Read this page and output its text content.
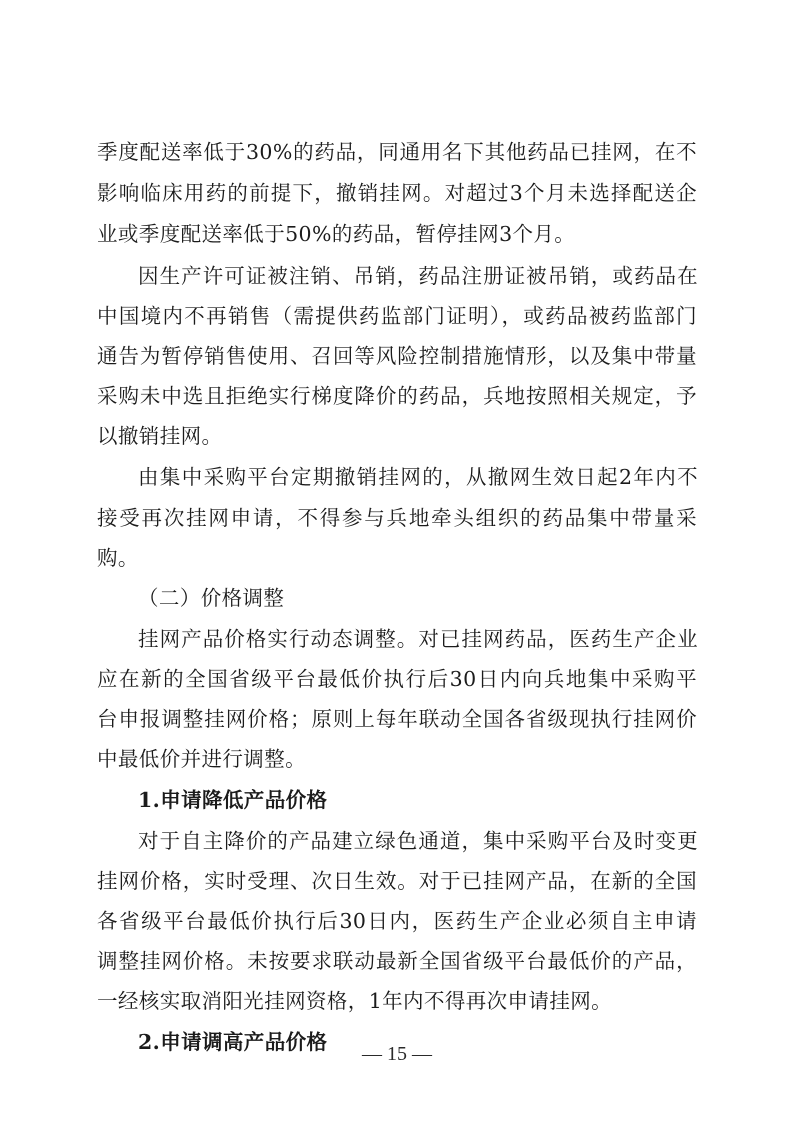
季度配送率低于30%的药品，同通用名下其他药品已挂网，在不
影响临床用药的前提下，撤销挂网。对超过3个月未选择配送企
业或季度配送率低于50%的药品，暂停挂网3个月。
因生产许可证被注销、吊销，药品注册证被吊销，或药品在
中国境内不再销售（需提供药监部门证明），或药品被药监部门
通告为暂停销售使用、召回等风险控制措施情形，以及集中带量
采购未中选且拒绝实行梯度降价的药品，兵地按照相关规定，予
以撤销挂网。
由集中采购平台定期撤销挂网的，从撤网生效日起2年内不
接受再次挂网申请，不得参与兵地牵头组织的药品集中带量采
购。
（二）价格调整
挂网产品价格实行动态调整。对已挂网药品，医药生产企业
应在新的全国省级平台最低价执行后30日内向兵地集中采购平
台申报调整挂网价格；原则上每年联动全国各省级现执行挂网价
中最低价并进行调整。
1.申请降低产品价格
对于自主降价的产品建立绿色通道，集中采购平台及时变更
挂网价格，实时受理、次日生效。对于已挂网产品，在新的全国
各省级平台最低价执行后30日内，医药生产企业必须自主申请
调整挂网价格。未按要求联动最新全国省级平台最低价的产品，
一经核实取消阳光挂网资格，1年内不得再次申请挂网。
2.申请调高产品价格	— 15 —
